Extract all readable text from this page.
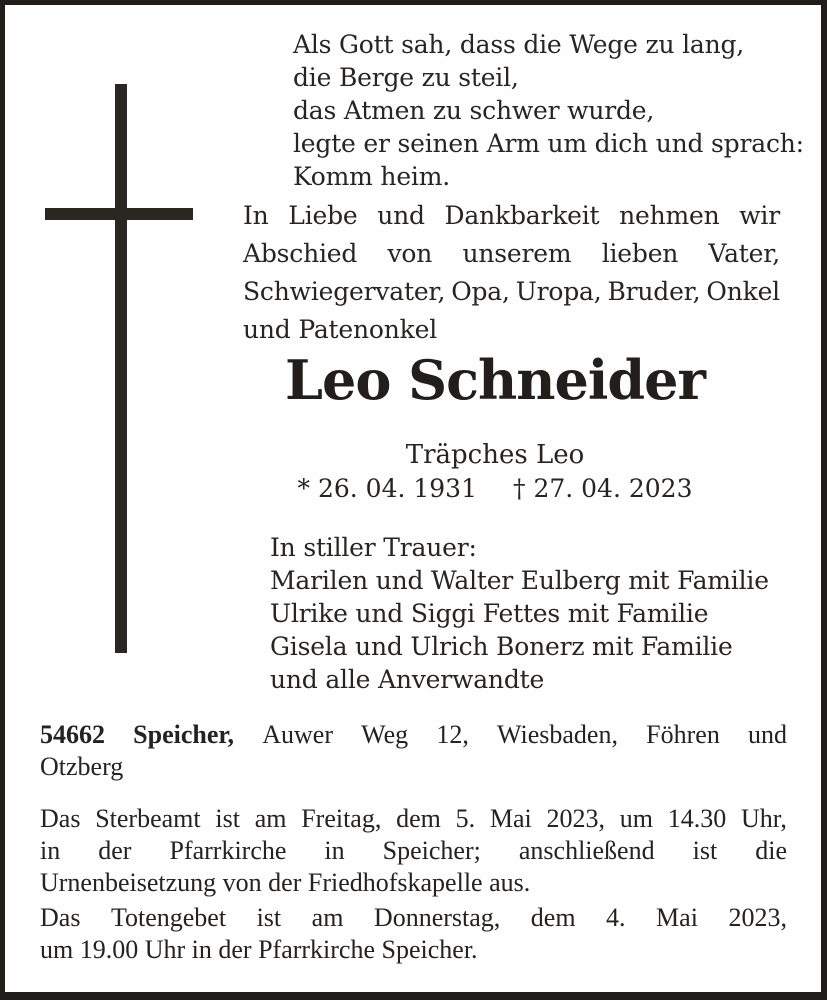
Als Gott sah, dass die Wege zu lang,
die Berge zu steil,
das Atmen zu schwer wurde,
legte er seinen Arm um dich und sprach:
Komm heim.
In Liebe und Dankbarkeit nehmen wir
Abschied von unserem lieben Vater,
Schwiegervater, Opa, Uropa, Bruder, Onkel
und Patenonkel
Leo Schneider
Träpches Leo
* 26. 04. 1931 † 27. 04. 2023
In stiller Trauer:
Marilen und Walter Eulberg mit Familie
Ulrike und Siggi Fettes mit Familie
Gisela und Ulrich Bonerz mit Familie
und alle Anverwandte
54662 Speicher, Auwer Weg 12, Wiesbaden, Föhren und
Otzberg
Das Sterbeamt ist am Freitag, dem 5. Mai 2023, um 14.30 Uhr,
in der Pfarrkirche in Speicher; anschließend ist die
Urnenbeisetzung von der Friedhofskapelle aus.
Das Totengebet ist am Donnerstag, dem 4. Mai 2023,
um 19.00 Uhr in der Pfarrkirche Speicher.
